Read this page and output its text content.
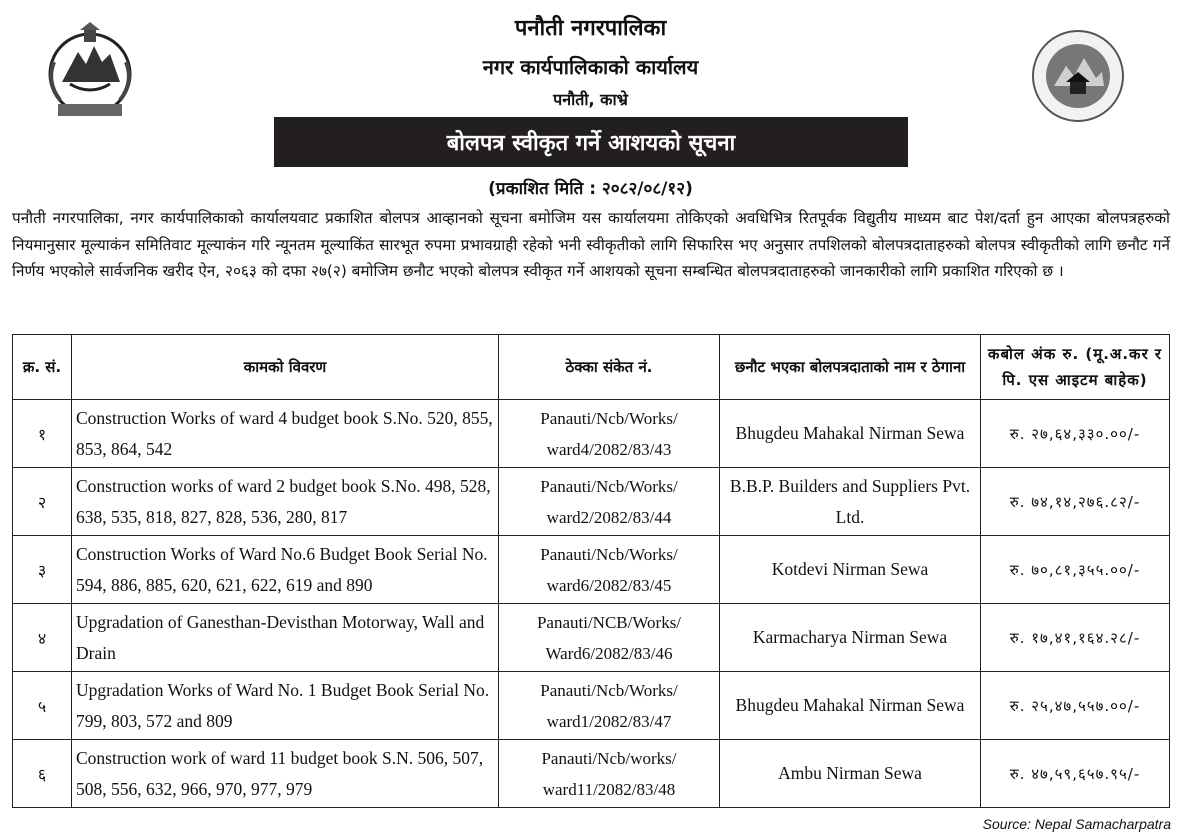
पनौती नगरपालिका
नगर कार्यपालिकाको कार्यालय
पनौती, काभ्रे
बोलपत्र स्वीकृत गर्ने आशयको सूचना
(प्रकाशित मिति : २०८२/०८/१२)
पनौती नगरपालिका, नगर कार्यपालिकाको कार्यालयवाट प्रकाशित बोलपत्र आव्हानको सूचना बमोजिम यस कार्यालयमा तोकिएको अवधिभित्र रितपूर्वक विद्युतीय माध्यम बाट पेश/दर्ता हुन आएका बोलपत्रहरुको नियमानुसार मूल्याकंन समितिवाट मूल्याकंन गरि न्यूनतम मूल्याकिंत सारभूत रुपमा प्रभावग्राही रहेको भनी स्वीकृतीको लागि सिफारिस भए अनुसार तपशिलको बोलपत्रदाताहरुको बोलपत्र स्वीकृतीको लागि छनौट गर्ने निर्णय भएकोले सार्वजनिक खरीद ऐन, २०६३ को दफा २७(२) बमोजिम छनौट भएको बोलपत्र स्वीकृत गर्ने आशयको सूचना सम्बन्धित बोलपत्रदाताहरुको जानकारीको लागि प्रकाशित गरिएको छ ।
क्र. सं.	कामको विवरण	ठेक्का संकेत नं.	छनौट भएका बोलपत्रदाताको नाम र ठेगाना	कबोल अंक रु. (मू.अ.कर र पि. एस आइटम बाहेक)
१	Construction Works of ward 4 budget book S.No. 520, 855, 853, 864, 542	Panauti/Ncb/Works/ ward4/2082/83/43	Bhugdeu Mahakal Nirman Sewa	रु. २७,६४,३३०.००/-
२	Construction works of ward 2 budget book S.No. 498, 528, 638, 535, 818, 827, 828, 536, 280, 817	Panauti/Ncb/Works/ ward2/2082/83/44	B.B.P. Builders and Suppliers Pvt. Ltd.	रु. ७४,१४,२७६.८२/-
३	Construction Works of Ward No.6 Budget Book Serial No. 594, 886, 885, 620, 621, 622, 619 and 890	Panauti/Ncb/Works/ ward6/2082/83/45	Kotdevi Nirman Sewa	रु. ७०,८१,३५५.००/-
४	Upgradation of Ganesthan-Devisthan Motorway, Wall and Drain	Panauti/NCB/Works/ Ward6/2082/83/46	Karmacharya Nirman Sewa	रु. १७,४१,१६४.२८/-
५	Upgradation Works of Ward No. 1 Budget Book Serial No. 799, 803, 572 and 809	Panauti/Ncb/Works/ ward1/2082/83/47	Bhugdeu Mahakal Nirman Sewa	रु. २५,४७,५५७.००/-
६	Construction work of ward 11 budget book S.N. 506, 507, 508, 556, 632, 966, 970, 977, 979	Panauti/Ncb/works/ ward11/2082/83/48	Ambu Nirman Sewa	रु. ४७,५९,६५७.९५/-
Source: Nepal Samacharpatra
